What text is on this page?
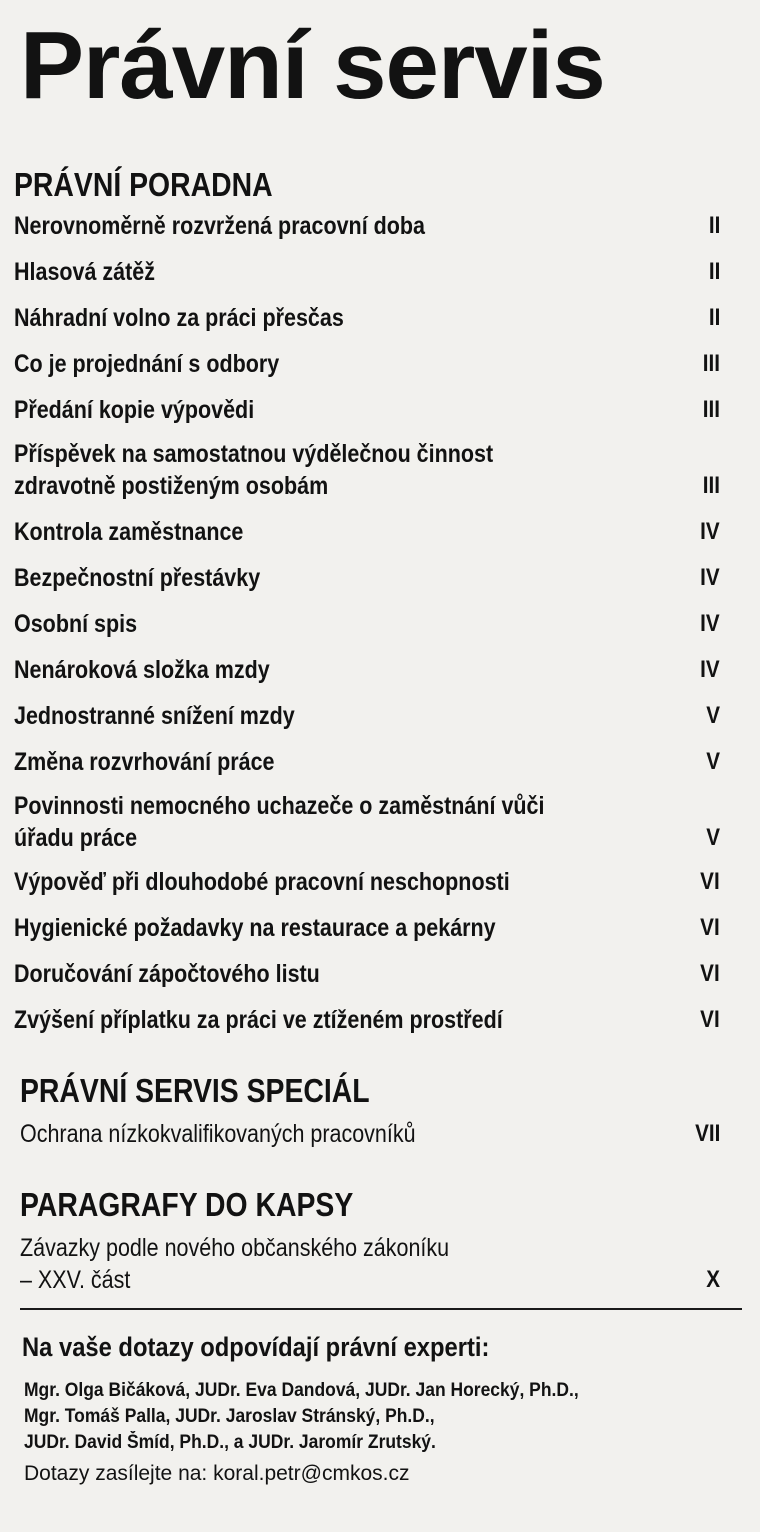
Právní servis
PRÁVNÍ PORADNA
Nerovnoměrně rozvržená pracovní doba	II
Hlasová zátěž	II
Náhradní volno za práci přesčas	II
Co je projednání s odbory	III
Předání kopie výpovědi	III
Příspěvek na samostatnou výdělečnou činnost
zdravotně postiženým osobám	III
Kontrola zaměstnance	IV
Bezpečnostní přestávky	IV
Osobní spis	IV
Nenároková složka mzdy	IV
Jednostranné snížení mzdy	V
Změna rozvrhování práce	V
Povinnosti nemocného uchazeče o zaměstnání vůči
úřadu práce	V
Výpověď při dlouhodobé pracovní neschopnosti	VI
Hygienické požadavky na restaurace a pekárny	VI
Doručování zápočtového listu	VI
Zvýšení příplatku za práci ve ztíženém prostředí	VI
PRÁVNÍ SERVIS SPECIÁL
Ochrana nízkokvalifikovaných pracovníků	VII
PARAGRAFY DO KAPSY
Závazky podle nového občanského zákoníku
– XXV. část	X
Na vaše dotazy odpovídají právní experti:
Mgr. Olga Bičáková, JUDr. Eva Dandová, JUDr. Jan Horecký, Ph.D.,
Mgr. Tomáš Palla, JUDr. Jaroslav Stránský, Ph.D.,
JUDr. David Šmíd, Ph.D., a JUDr. Jaromír Zrutský.
Dotazy zasílejte na: koral.petr@cmkos.cz
